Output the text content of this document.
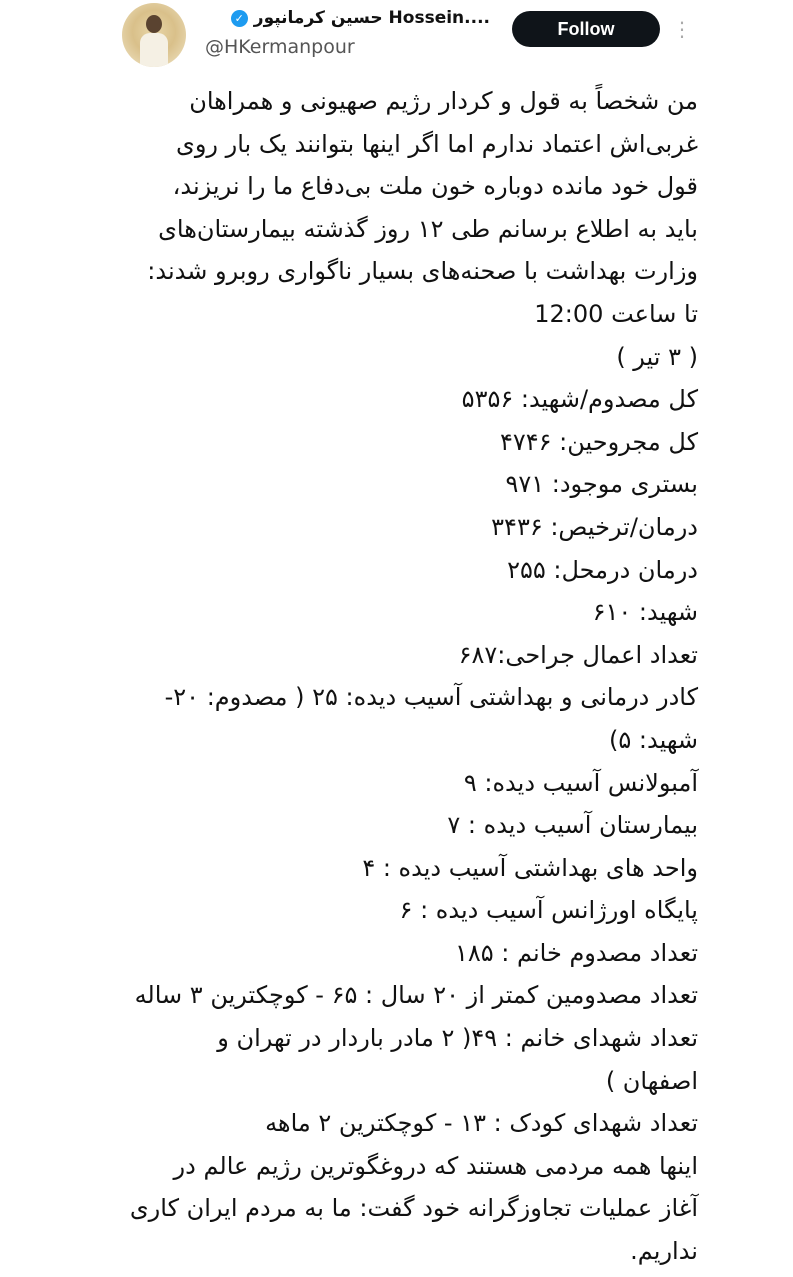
✓ حسین کرمانپور Hossein....
@HKermanpour
Follow	⋮
من شخصاً به قول و کردار رژیم صهیونی و همراهان
غربی‌اش اعتماد ندارم اما اگر اینها بتوانند یک بار روی
قول خود مانده دوباره خون ملت بی‌دفاع ما را نریزند،
باید به اطلاع برسانم طی ۱۲ روز گذشته بیمارستان‌های
وزارت بهداشت با صحنه‌های بسیار ناگواری روبرو شدند:
تا ساعت 12:00
( ۳ تیر )
کل مصدوم/شهید: ۵۳۵۶
کل مجروحین: ۴۷۴۶
بستری موجود: ۹۷۱
درمان/ترخیص: ۳۴۳۶
درمان درمحل: ۲۵۵
شهید: ۶۱۰
تعداد اعمال جراحی:۶۸۷
کادر درمانی و بهداشتی آسیب دیده: ۲۵ ( مصدوم: ۲۰-
شهید: ۵)
آمبولانس آسیب دیده: ۹
بیمارستان آسیب دیده : ۷
واحد های بهداشتی آسیب دیده : ۴
پایگاه اورژانس آسیب دیده : ۶
تعداد مصدوم خانم : ۱۸۵
تعداد مصدومین کمتر از ۲۰ سال : ۶۵ - کوچکترین ۳ ساله
تعداد شهدای خانم : ۴۹( ۲ مادر باردار در تهران و
اصفهان )
تعداد شهدای کودک : ۱۳ - کوچکترین ۲ ماهه
اینها همه مردمی هستند که دروغگوترین رژیم عالم در
آغاز عملیات تجاوزگرانه خود گفت: ما به مردم ایران کاری
نداریم.
